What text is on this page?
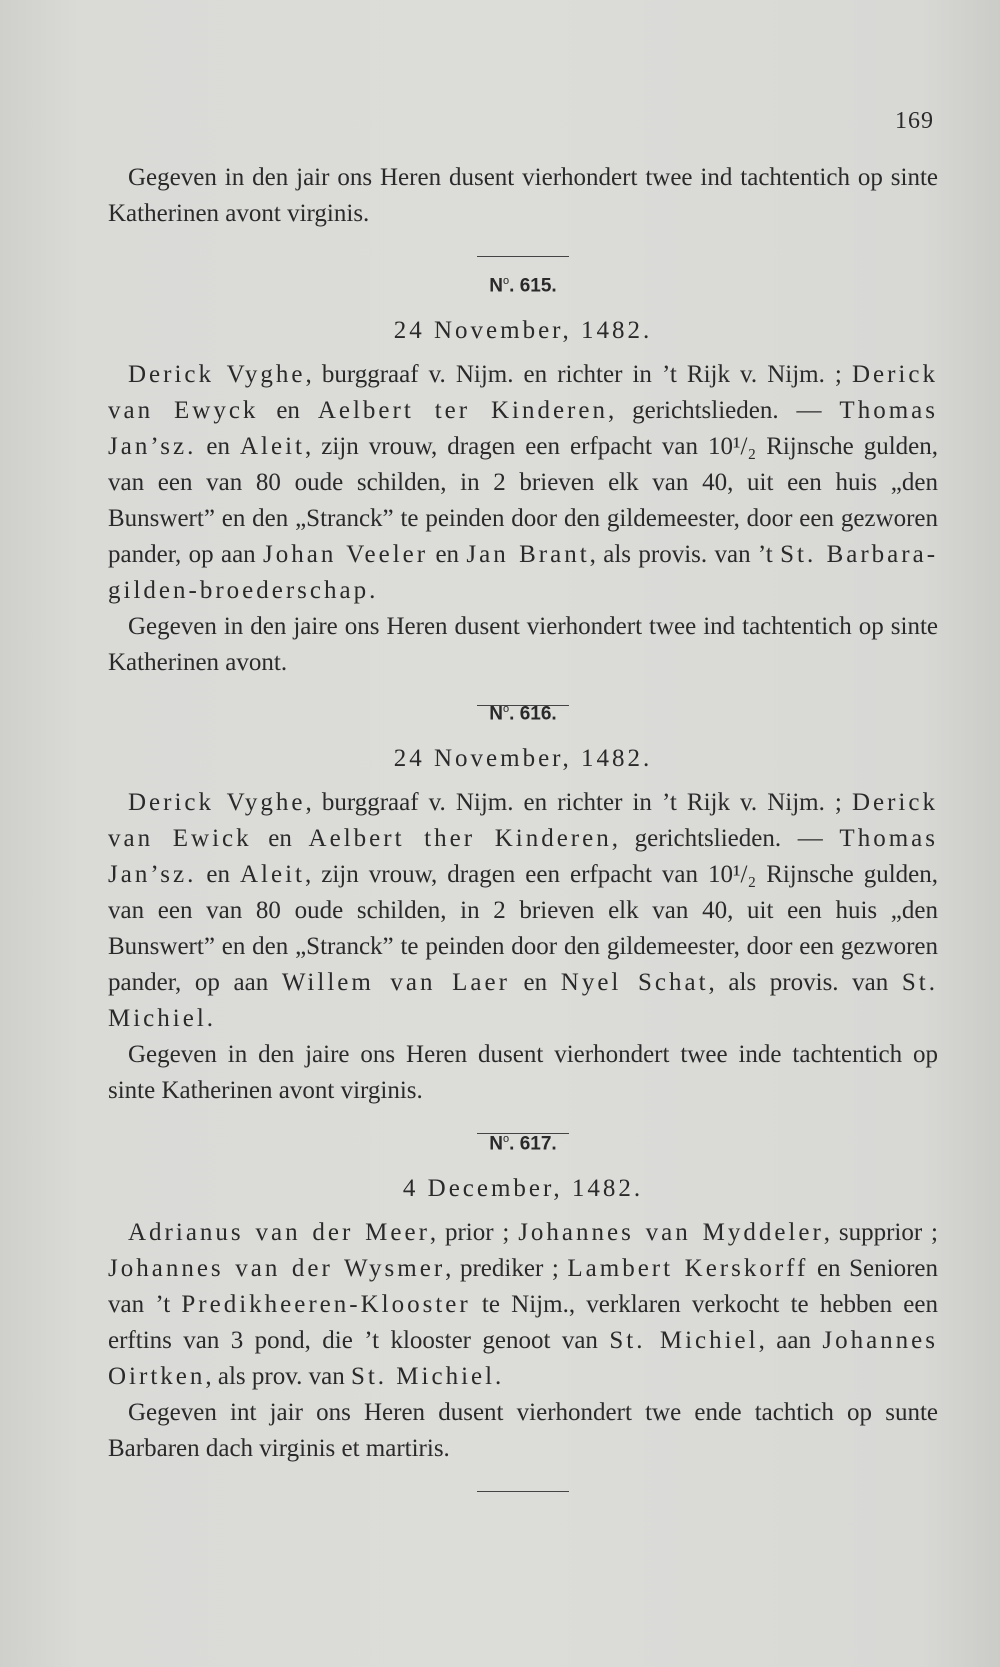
169

Gegeven in den jair ons Heren dusent vierhondert twee ind tachtentich op sinte Katherinen avont virginis.

$N^o$. 615.

24 November, 1482.

Derick Vyghe, burggraaf v. Nijm. en richter in ’t Rijk v. Nijm. ; Derick van Ewyck en Aelbert ter Kinderen, gerichtslieden. — Thomas Jan’sz. en Aleit, zijn vrouw, dragen een erfpacht van 10¹/₂ Rijnsche gulden, van een van 80 oude schilden, in 2 brieven elk van 40, uit een huis „den Bunswert” en den „Stranck” te peinden door den gildemeester, door een gezworen pander, op aan Johan Veeler en Jan Brant, als provis. van ’t St. Barbara-gilden-broederschap.

Gegeven in den jaire ons Heren dusent vierhondert twee ind tachtentich op sinte Katherinen avont.

$N^o$. 616.

24 November, 1482.

Derick Vyghe, burggraaf v. Nijm. en richter in ’t Rijk v. Nijm. ; Derick van Ewick en Aelbert ther Kinderen, gerichtslieden. — Thomas Jan’sz. en Aleit, zijn vrouw, dragen een erfpacht van 10¹/₂ Rijnsche gulden, van een van 80 oude schilden, in 2 brieven elk van 40, uit een huis „den Bunswert” en den „Stranck” te peinden door den gildemeester, door een gezworen pander, op aan Willem van Laer en Nyel Schat, als provis. van St. Michiel.

Gegeven in den jaire ons Heren dusent vierhondert twee inde tachtentich op sinte Katherinen avont virginis.

$N^o$. 617.

4 December, 1482.

Adrianus van der Meer, prior ; Johannes van Myddeler, supprior ; Johannes van der Wysmer, prediker ; Lambert Kerskorff en Senioren van ’t Predikheeren-Klooster te Nijm., verklaren verkocht te hebben een erftins van 3 pond, die ’t klooster genoot van St. Michiel, aan Johannes Oirtken, als prov. van St. Michiel.

Gegeven int jair ons Heren dusent vierhondert twe ende tachtich op sunte Barbaren dach virginis et martiris.
